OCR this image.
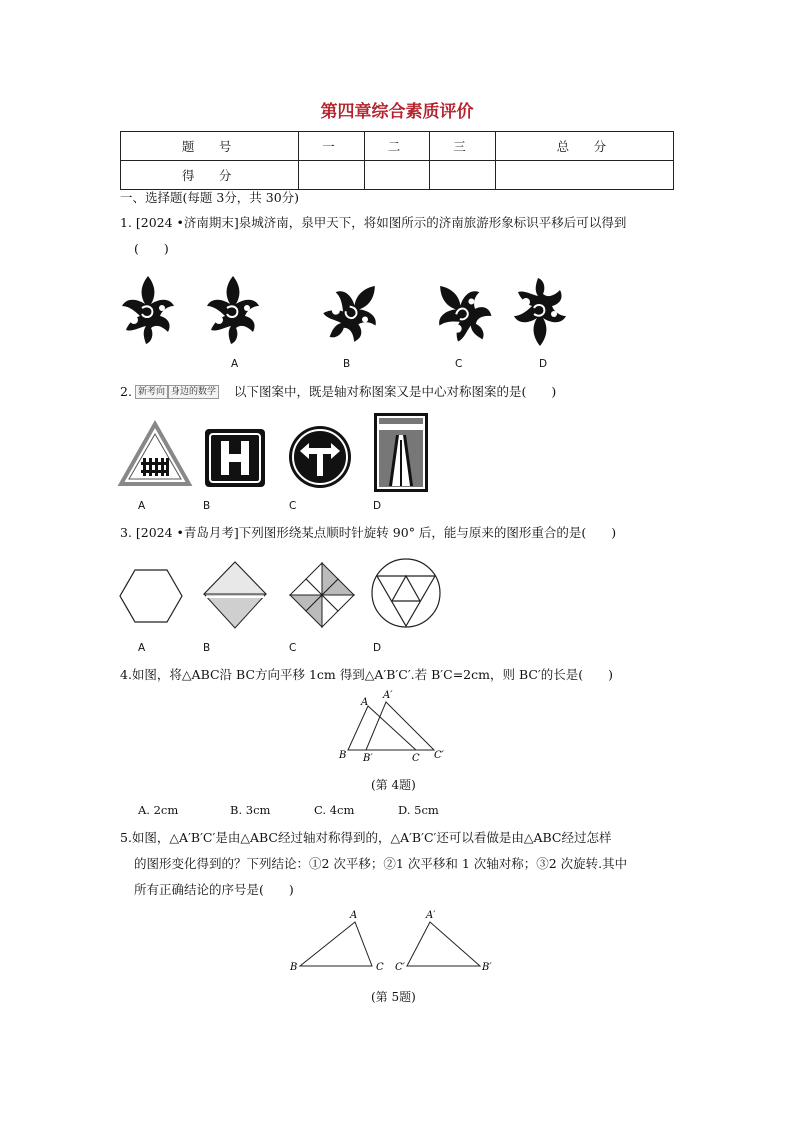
第四章综合素质评价
题　号	一	二	三	总　分
得　分				
一、选择题(每题 3分，共 30分)
1. [2024 •济南期末]泉城济南，泉甲天下，将如图所示的济南旅游形象标识平移后可以得到
(　　)
A	B	C	D
2. 新考向 身边的数学 以下图案中，既是轴对称图案又是中心对称图案的是(　　)
A	B	C	D
3. [2024 •青岛月考]下列图形绕某点顺时针旋转 90° 后，能与原来的图形重合的是(　　)
A	B	C	D
4.如图，将△ABC沿 BC方向平移 1cm 得到△A′B′C′.若 B′C=2cm，则 BC′的长是(　　)
A
A′
B B′	C C′
(第 4题)
A. 2cm	B. 3cm	C. 4cm	D. 5cm
5.如图，△A′B′C′是由△ABC经过轴对称得到的，△A′B′C′还可以看做是由△ABC经过怎样
的图形变化得到的？下列结论：①2 次平移；②1 次平移和 1 次轴对称；③2 次旋转.其中
所有正确结论的序号是(　　)
A	A′
B	B′
C C′
(第 5题)
